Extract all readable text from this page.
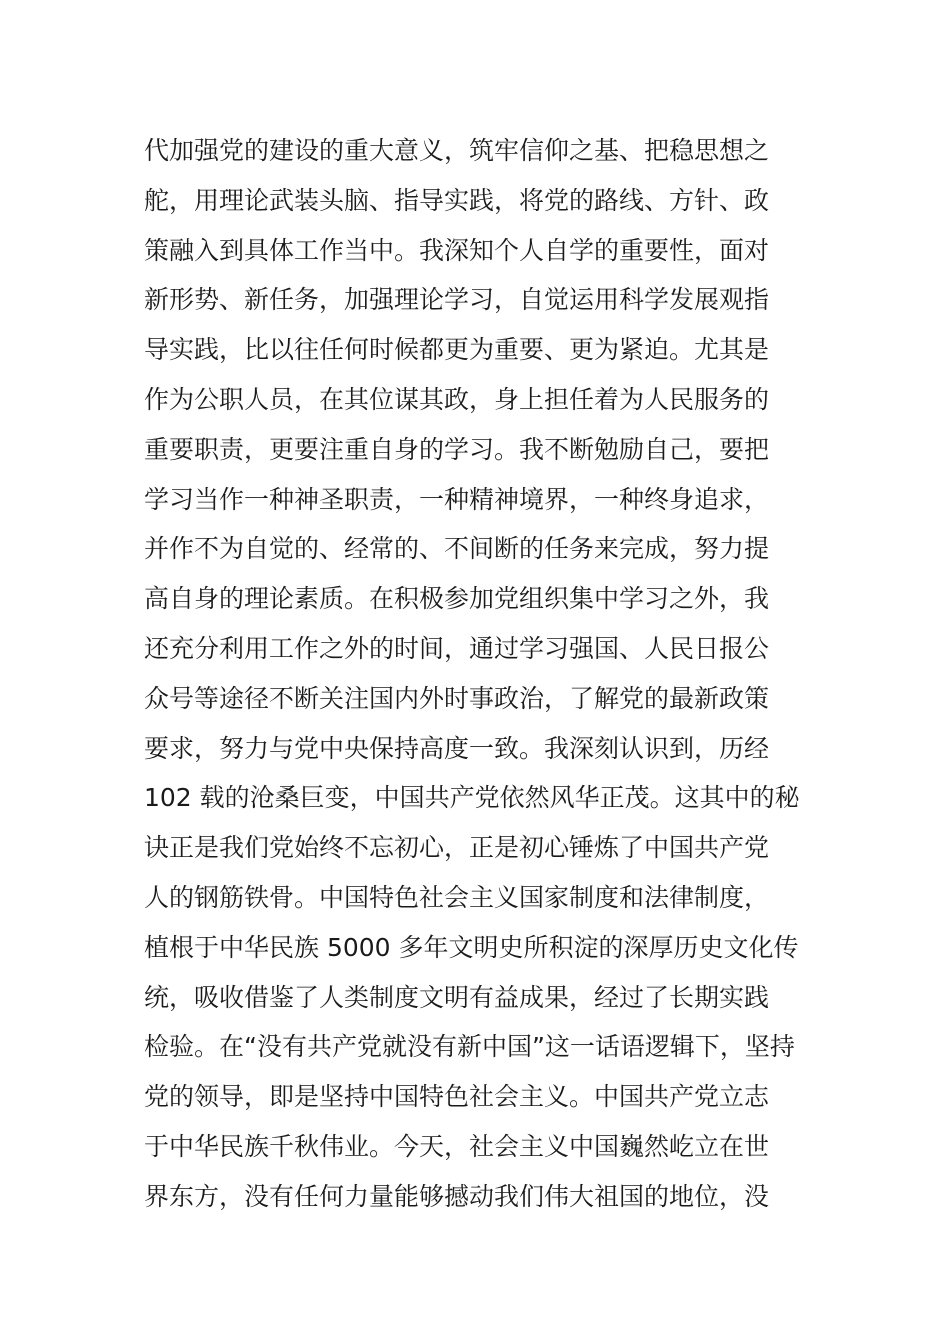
代加强党的建设的重大意义，筑牢信仰之基、把稳思想之
舵，用理论武装头脑、指导实践，将党的路线、方针、政
策融入到具体工作当中。我深知个人自学的重要性，面对
新形势、新任务，加强理论学习，自觉运用科学发展观指
导实践，比以往任何时候都更为重要、更为紧迫。尤其是
作为公职人员，在其位谋其政，身上担任着为人民服务的
重要职责，更要注重自身的学习。我不断勉励自己，要把
学习当作一种神圣职责，一种精神境界，一种终身追求，
并作不为自觉的、经常的、不间断的任务来完成，努力提
高自身的理论素质。在积极参加党组织集中学习之外，我
还充分利用工作之外的时间，通过学习强国、人民日报公
众号等途径不断关注国内外时事政治，了解党的最新政策
要求，努力与党中央保持高度一致。我深刻认识到，历经
102 载的沧桑巨变，中国共产党依然风华正茂。这其中的秘
诀正是我们党始终不忘初心，正是初心锤炼了中国共产党
人的钢筋铁骨。中国特色社会主义国家制度和法律制度，
植根于中华民族 5000 多年文明史所积淀的深厚历史文化传
统，吸收借鉴了人类制度文明有益成果，经过了长期实践
检验。在“没有共产党就没有新中国”这一话语逻辑下，坚持
党的领导，即是坚持中国特色社会主义。中国共产党立志
于中华民族千秋伟业。今天，社会主义中国巍然屹立在世
界东方，没有任何力量能够撼动我们伟大祖国的地位，没
